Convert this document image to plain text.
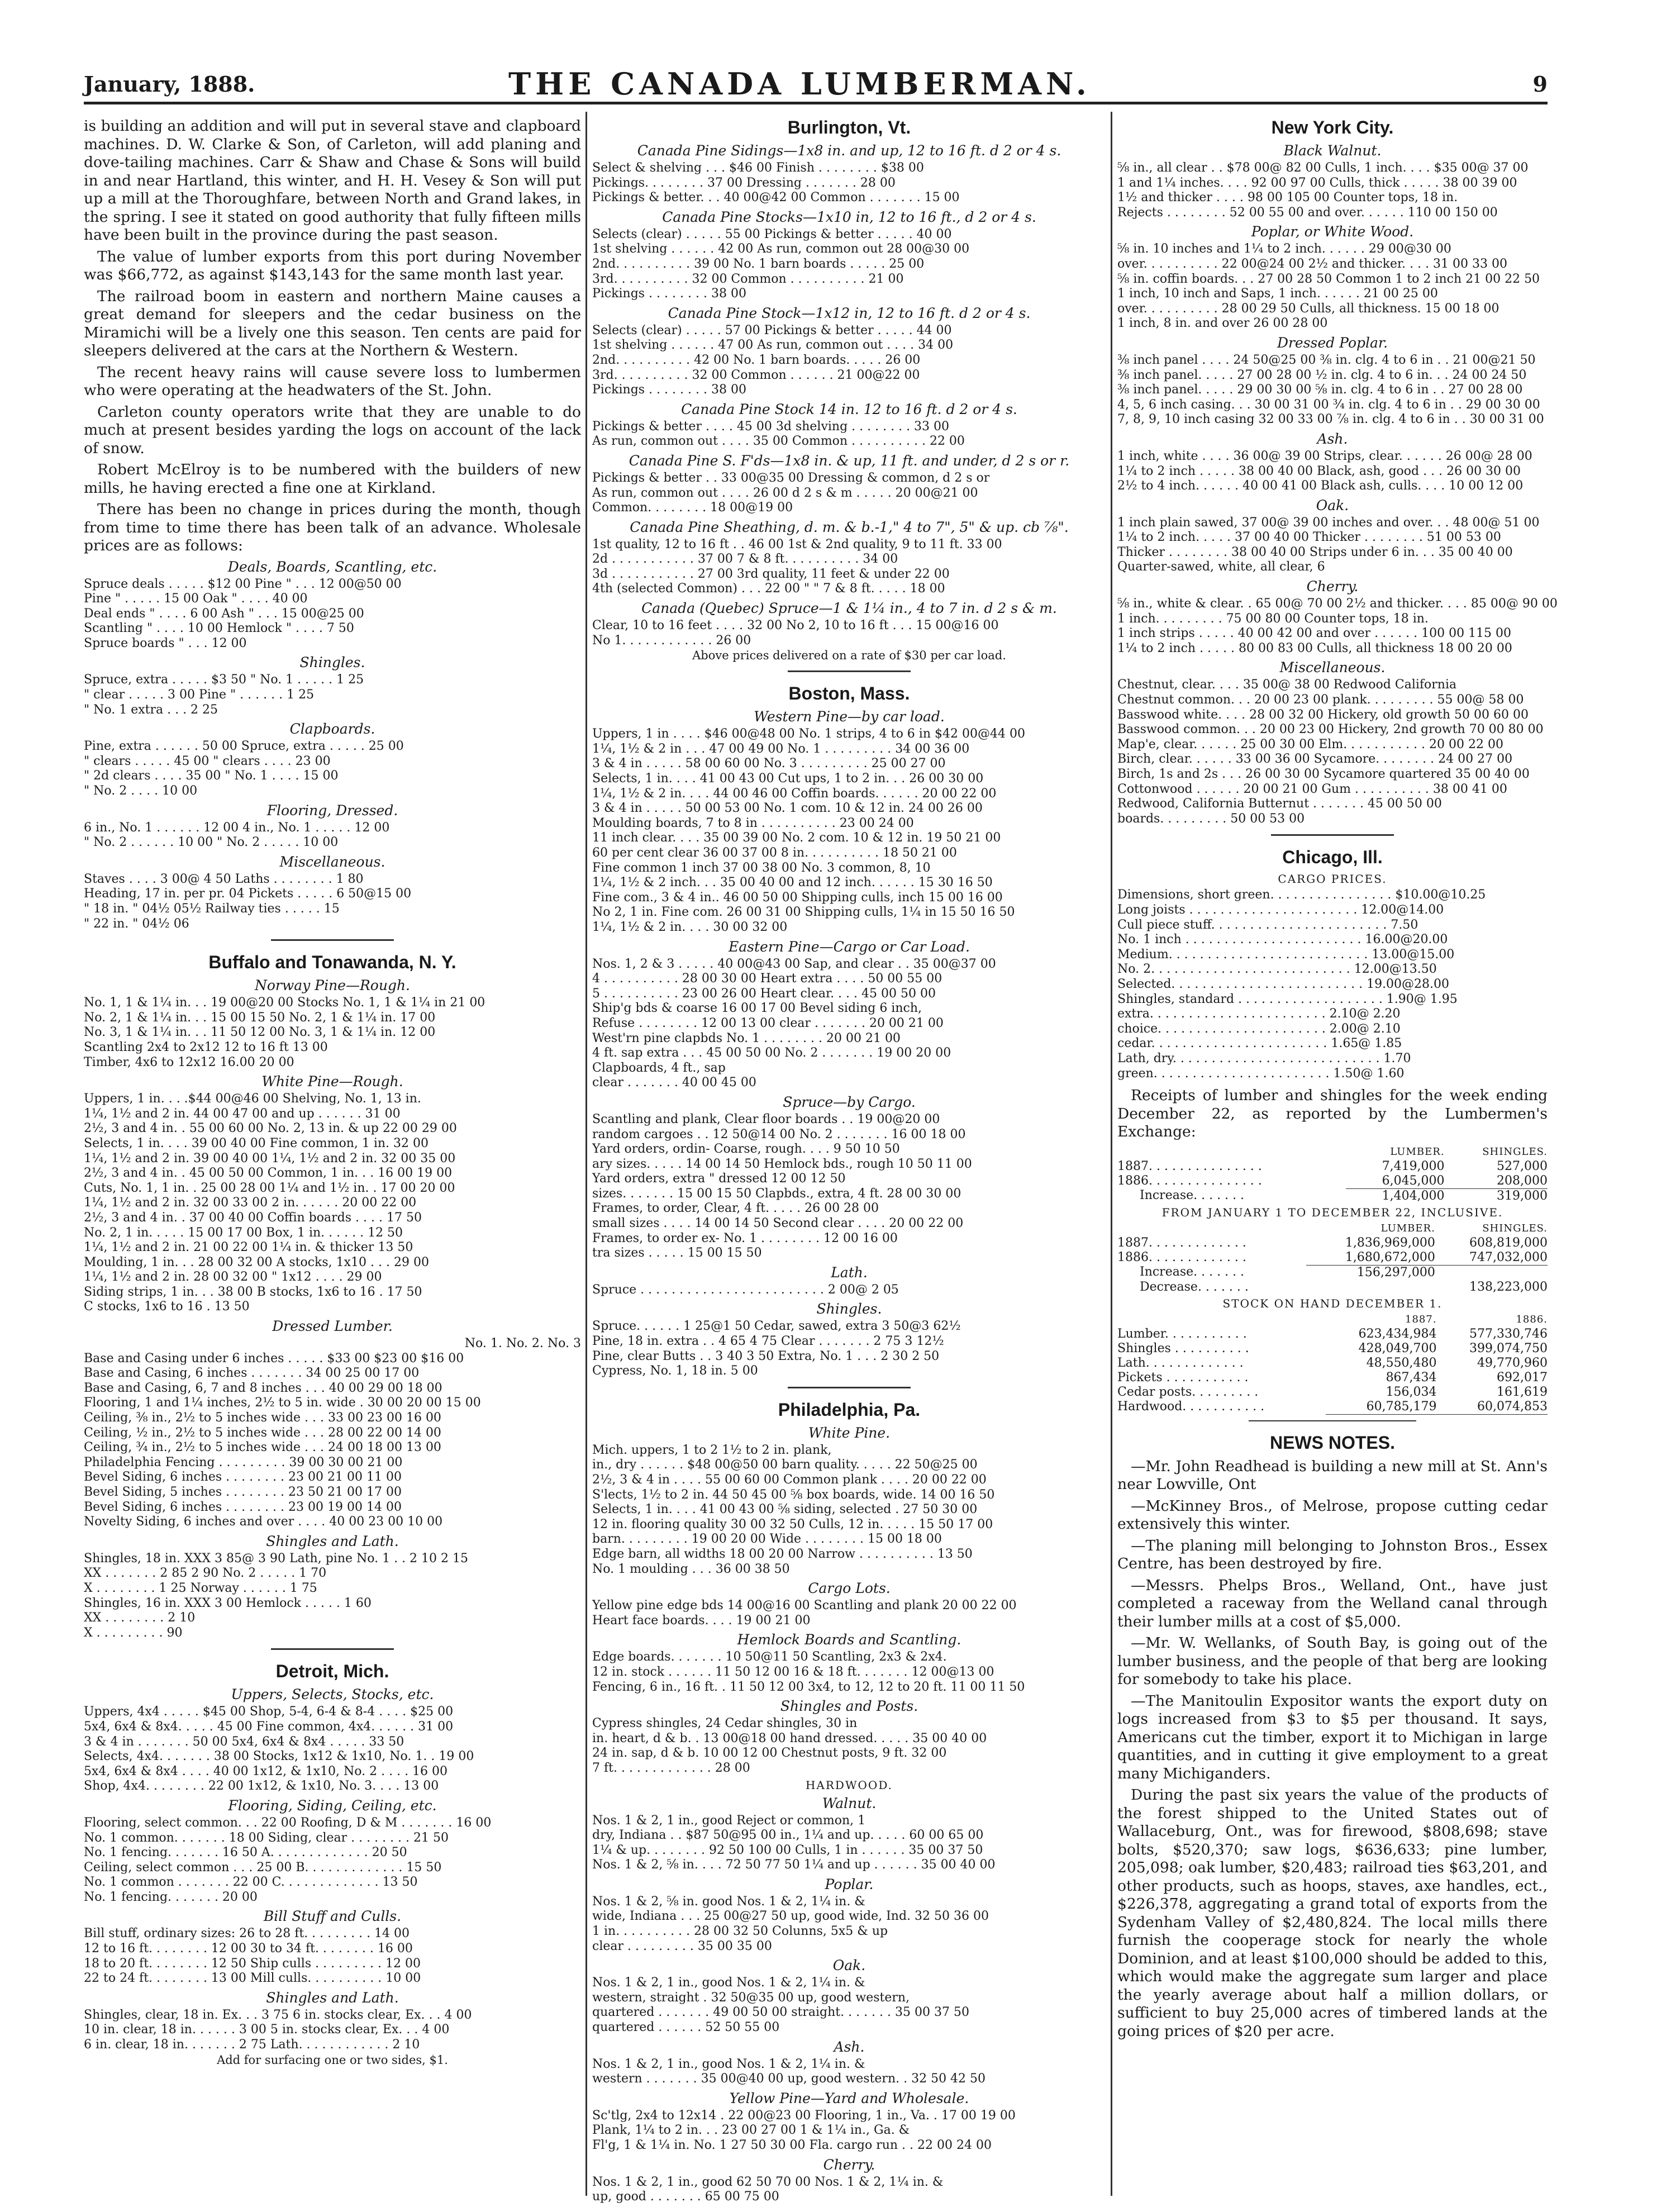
January, 1888.	THE CANADA LUMBERMAN.	9

is building an addition and will put in several stave and clapboard machines. D. W. Clarke & Son, of Carleton, will add planing and dove-tailing machines. Carr & Shaw and Chase & Sons will build in and near Hartland, this winter, and H. H. Vesey & Son will put up a mill at the Thoroughfare, between North and Grand lakes, in the spring. I see it stated on good authority that fully fifteen mills have been built in the province during the past season.

The value of lumber exports from this port during November was $66,772, as against $143,143 for the same month last year.

The railroad boom in eastern and northern Maine causes a great demand for sleepers and the cedar business on the Miramichi will be a lively one this season. Ten cents are paid for sleepers delivered at the cars at the Northern & Western.

The recent heavy rains will cause severe loss to lumbermen who were operating at the headwaters of the St. John.

Carleton county operators write that they are unable to do much at present besides yarding the logs on account of the lack of snow.

Robert McElroy is to be numbered with the builders of new mills, he having erected a fine one at Kirkland.

There has been no change in prices during the month, though from time to time there has been talk of an advance. Wholesale prices are as follows:

Deals, Boards, Scantling, etc.
Spruce deals . . . . . $12 00 Pine " . . . 12 00@50 00
Pine " . . . . . 15 00 Oak " . . . . 40 00
Deal ends " . . . . 6 00 Ash " . . . 15 00@25 00
Scantling " . . . . 10 00 Hemlock " . . . . 7 50
Spruce boards " . . . 12 00
Shingles.
Spruce, extra . . . . . $3 50 " No. 1 . . . . . 1 25
" clear . . . . . 3 00 Pine " . . . . . . 1 25
" No. 1 extra . . . 2 25
Clapboards.
Pine, extra . . . . . . 50 00 Spruce, extra . . . . . 25 00
" clears . . . . . 45 00 " clears . . . . 23 00
" 2d clears . . . . 35 00 " No. 1 . . . . 15 00
" No. 2 . . . . 10 00
Flooring, Dressed.
6 in., No. 1 . . . . . . 12 00 4 in., No. 1 . . . . . 12 00
" No. 2 . . . . . . 10 00 " No. 2 . . . . . 10 00
Miscellaneous.
Staves . . . . 3 00@ 4 50 Laths . . . . . . . . 1 80
Heading, 17 in. per pr. 04 Pickets . . . . . 6 50@15 00
" 18 in. " 04½ 05½ Railway ties . . . . . 15
" 22 in. " 04½ 06
Buffalo and Tonawanda, N. Y.
Norway Pine—Rough.
No. 1, 1 & 1¼ in. . . 19 00@20 00 Stocks No. 1, 1 & 1¼ in 21 00
No. 2, 1 & 1¼ in. . . 15 00 15 50 No. 2, 1 & 1¼ in. 17 00
No. 3, 1 & 1¼ in. . . 11 50 12 00 No. 3, 1 & 1¼ in. 12 00
Scantling 2x4 to 2x12 12 to 16 ft 13 00
Timber, 4x6 to 12x12 16.00 20 00
White Pine—Rough.
Uppers, 1 in. . . .$44 00@46 00 Shelving, No. 1, 13 in.
1¼, 1½ and 2 in. 44 00 47 00 and up . . . . . . 31 00
2½, 3 and 4 in. . 55 00 60 00 No. 2, 13 in. & up 22 00 29 00
Selects, 1 in. . . . 39 00 40 00 Fine common, 1 in. 32 00
1¼, 1½ and 2 in. 39 00 40 00 1¼, 1½ and 2 in. 32 00 35 00
2½, 3 and 4 in. . 45 00 50 00 Common, 1 in. . . 16 00 19 00
Cuts, No. 1, 1 in. . 25 00 28 00 1¼ and 1½ in. . 17 00 20 00
1¼, 1½ and 2 in. 32 00 33 00 2 in. . . . . . 20 00 22 00
2½, 3 and 4 in. . 37 00 40 00 Coffin boards . . . . 17 50
No. 2, 1 in. . . . . 15 00 17 00 Box, 1 in. . . . . . 12 50
1¼, 1½ and 2 in. 21 00 22 00 1¼ in. & thicker 13 50
Moulding, 1 in. . . 28 00 32 00 A stocks, 1x10 . . . 29 00
1¼, 1½ and 2 in. 28 00 32 00 " 1x12 . . . . 29 00
Siding strips, 1 in. . . 38 00 B stocks, 1x6 to 16 . 17 50
C stocks, 1x6 to 16 . 13 50
Dressed Lumber.
No. 1. No. 2. No. 3
Base and Casing under 6 inches . . . . . $33 00 $23 00 $16 00
Base and Casing, 6 inches . . . . . . . 34 00 25 00 17 00
Base and Casing, 6, 7 and 8 inches . . . 40 00 29 00 18 00
Flooring, 1 and 1¼ inches, 2½ to 5 in. wide . 30 00 20 00 15 00
Ceiling, ⅜ in., 2½ to 5 inches wide . . . 33 00 23 00 16 00
Ceiling, ½ in., 2½ to 5 inches wide . . . 28 00 22 00 14 00
Ceiling, ¾ in., 2½ to 5 inches wide . . . 24 00 18 00 13 00
Philadelphia Fencing . . . . . . . . . 39 00 30 00 21 00
Bevel Siding, 6 inches . . . . . . . . 23 00 21 00 11 00
Bevel Siding, 5 inches . . . . . . . . 23 50 21 00 17 00
Bevel Siding, 6 inches . . . . . . . . 23 00 19 00 14 00
Novelty Siding, 6 inches and over . . . . 40 00 23 00 10 00
Shingles and Lath.
Shingles, 18 in. XXX 3 85@ 3 90 Lath, pine No. 1 . . 2 10 2 15
XX . . . . . . . 2 85 2 90 No. 2 . . . . . 1 70
X . . . . . . . . 1 25 Norway . . . . . . 1 75
Shingles, 16 in. XXX 3 00 Hemlock . . . . . 1 60
XX . . . . . . . . 2 10
X . . . . . . . . . 90
Detroit, Mich.
Uppers, Selects, Stocks, etc.
Uppers, 4x4 . . . . . $45 00 Shop, 5-4, 6-4 & 8-4 . . . . $25 00
5x4, 6x4 & 8x4. . . . . 45 00 Fine common, 4x4. . . . . . 31 00
3 & 4 in . . . . . . . 50 00 5x4, 6x4 & 8x4 . . . . . 33 50
Selects, 4x4. . . . . . . 38 00 Stocks, 1x12 & 1x10, No. 1. . 19 00
5x4, 6x4 & 8x4 . . . . 40 00 1x12, & 1x10, No. 2 . . . . 16 00
Shop, 4x4. . . . . . . . 22 00 1x12, & 1x10, No. 3. . . . 13 00
Flooring, Siding, Ceiling, etc.
Flooring, select common. . . 22 00 Roofing, D & M . . . . . . . 16 00
No. 1 common. . . . . . . 18 00 Siding, clear . . . . . . . . 21 50
No. 1 fencing. . . . . . . 16 50 A. . . . . . . . . . . . . 20 50
Ceiling, select common . . . 25 00 B. . . . . . . . . . . . . 15 50
No. 1 common . . . . . . . 22 00 C. . . . . . . . . . . . . 13 50
No. 1 fencing. . . . . . . 20 00
Bill Stuff and Culls.
Bill stuff, ordinary sizes: 26 to 28 ft. . . . . . . . . 14 00
12 to 16 ft. . . . . . . . 12 00 30 to 34 ft. . . . . . . . 16 00
18 to 20 ft. . . . . . . . 12 50 Ship culls . . . . . . . . . 12 00
22 to 24 ft. . . . . . . . 13 00 Mill culls. . . . . . . . . . 10 00
Shingles and Lath.
Shingles, clear, 18 in. Ex. . . 3 75 6 in. stocks clear, Ex. . . 4 00
10 in. clear, 18 in. . . . . . 3 00 5 in. stocks clear, Ex. . . 4 00
6 in. clear, 18 in. . . . . . . 2 75 Lath. . . . . . . . . . . . 2 10
Add for surfacing one or two sides, $1.
Burlington, Vt.
Canada Pine Sidings—1x8 in. and up, 12 to 16 ft. d 2 or 4 s.
Select & shelving . . . $46 00 Finish . . . . . . . . $38 00
Pickings. . . . . . . . 37 00 Dressing . . . . . . . 28 00
Pickings & better. . . 40 00@42 00 Common . . . . . . . 15 00
Canada Pine Stocks—1x10 in, 12 to 16 ft., d 2 or 4 s.
Selects (clear) . . . . . 55 00 Pickings & better . . . . . 40 00
1st shelving . . . . . . 42 00 As run, common out 28 00@30 00
2nd. . . . . . . . . . 39 00 No. 1 barn boards . . . . . 25 00
3rd. . . . . . . . . . 32 00 Common . . . . . . . . . . 21 00
Pickings . . . . . . . . 38 00
Canada Pine Stock—1x12 in, 12 to 16 ft. d 2 or 4 s.
Selects (clear) . . . . . 57 00 Pickings & better . . . . . 44 00
1st shelving . . . . . . 47 00 As run, common out . . . . 34 00
2nd. . . . . . . . . . 42 00 No. 1 barn boards. . . . . 26 00
3rd. . . . . . . . . . 32 00 Common . . . . . . 21 00@22 00
Pickings . . . . . . . . 38 00
Canada Pine Stock 14 in. 12 to 16 ft. d 2 or 4 s.
Pickings & better . . . . 45 00 3d shelving . . . . . . . . 33 00
As run, common out . . . . 35 00 Common . . . . . . . . . . 22 00
Canada Pine S. F'ds—1x8 in. & up, 11 ft. and under, d 2 s or r.
Pickings & better . . 33 00@35 00 Dressing & common, d 2 s or
As run, common out . . . . 26 00 d 2 s & m . . . . . 20 00@21 00
Common. . . . . . . . 18 00@19 00
Canada Pine Sheathing, d. m. & b.-1," 4 to 7", 5" & up. cb ⅞".
1st quality, 12 to 16 ft . . 46 00 1st & 2nd quality, 9 to 11 ft. 33 00
2d . . . . . . . . . . . 37 00 7 & 8 ft. . . . . . . . . . 34 00
3d . . . . . . . . . . . 27 00 3rd quality, 11 feet & under 22 00
4th (selected Common) . . . 22 00 " " 7 & 8 ft. . . . . 18 00
Canada (Quebec) Spruce—1 & 1¼ in., 4 to 7 in. d 2 s & m.
Clear, 10 to 16 feet . . . . 32 00 No 2, 10 to 16 ft . . . 15 00@16 00
No 1. . . . . . . . . . . . 26 00
Above prices delivered on a rate of $30 per car load.
Boston, Mass.
Western Pine—by car load.
Uppers, 1 in . . . . $46 00@48 00 No. 1 strips, 4 to 6 in $42 00@44 00
1¼, 1½ & 2 in . . . 47 00 49 00 No. 1 . . . . . . . . . 34 00 36 00
3 & 4 in . . . . . 58 00 60 00 No. 3 . . . . . . . . . 25 00 27 00
Selects, 1 in. . . . 41 00 43 00 Cut ups, 1 to 2 in. . . 26 00 30 00
1¼, 1½ & 2 in. . . . 44 00 46 00 Coffin boards. . . . . . 20 00 22 00
3 & 4 in . . . . . 50 00 53 00 No. 1 com. 10 & 12 in. 24 00 26 00
Moulding boards, 7 to 8 in . . . . . . . . . . 23 00 24 00
11 inch clear. . . . 35 00 39 00 No. 2 com. 10 & 12 in. 19 50 21 00
60 per cent clear 36 00 37 00 8 in. . . . . . . . . . 18 50 21 00
Fine common 1 inch 37 00 38 00 No. 3 common, 8, 10
1¼, 1½ & 2 inch. . . 35 00 40 00 and 12 inch. . . . . . 15 30 16 50
Fine com., 3 & 4 in.. 46 00 50 00 Shipping culls, inch 15 00 16 00
No 2, 1 in. Fine com. 26 00 31 00 Shipping culls, 1¼ in 15 50 16 50
1¼, 1½ & 2 in. . . . 30 00 32 00
Eastern Pine—Cargo or Car Load.
Nos. 1, 2 & 3 . . . . . 40 00@43 00 Sap, and clear . . 35 00@37 00
4 . . . . . . . . . . 28 00 30 00 Heart extra . . . . 50 00 55 00
5 . . . . . . . . . . 23 00 26 00 Heart clear. . . . 45 00 50 00
Ship'g bds & coarse 16 00 17 00 Bevel siding 6 inch,
Refuse . . . . . . . . 12 00 13 00 clear . . . . . . . 20 00 21 00
West'rn pine clapbds No. 1 . . . . . . . . 20 00 21 00
4 ft. sap extra . . . 45 00 50 00 No. 2 . . . . . . . 19 00 20 00
Clapboards, 4 ft., sap
clear . . . . . . . 40 00 45 00
Spruce—by Cargo.
Scantling and plank, Clear floor boards . . 19 00@20 00
random cargoes . . 12 50@14 00 No. 2 . . . . . . . 16 00 18 00
Yard orders, ordin- Coarse, rough. . . . 9 50 10 50
ary sizes. . . . . 14 00 14 50 Hemlock bds., rough 10 50 11 00
Yard orders, extra " dressed 12 00 12 50
sizes. . . . . . . 15 00 15 50 Clapbds., extra, 4 ft. 28 00 30 00
Frames, to order, Clear, 4 ft. . . . . 26 00 28 00
small sizes . . . . 14 00 14 50 Second clear . . . . 20 00 22 00
Frames, to order ex- No. 1 . . . . . . . . 12 00 16 00
tra sizes . . . . . 15 00 15 50
Lath.
Spruce . . . . . . . . . . . . . . . . . . . . . . . . 2 00@ 2 05
Shingles.
Spruce. . . . . . 1 25@1 50 Cedar, sawed, extra 3 50@3 62½
Pine, 18 in. extra . . 4 65 4 75 Clear . . . . . . . 2 75 3 12½
Pine, clear Butts . . 3 40 3 50 Extra, No. 1 . . . 2 30 2 50
Cypress, No. 1, 18 in. 5 00
Philadelphia, Pa.
White Pine.
Mich. uppers, 1 to 2 1½ to 2 in. plank,
in., dry . . . . . . $48 00@50 00 barn quality. . . . . 22 50@25 00
2½, 3 & 4 in . . . . 55 00 60 00 Common plank . . . . 20 00 22 00
S'lects, 1½ to 2 in. 44 50 45 00 ⅝ box boards, wide. 14 00 16 50
Selects, 1 in. . . . 41 00 43 00 ⅝ siding, selected . 27 50 30 00
12 in. flooring quality 30 00 32 50 Culls, 12 in. . . . . 15 50 17 00
barn. . . . . . . . . 19 00 20 00 Wide . . . . . . . . 15 00 18 00
Edge barn, all widths 18 00 20 00 Narrow . . . . . . . . . . 13 50
No. 1 moulding . . . 36 00 38 50
Cargo Lots.
Yellow pine edge bds 14 00@16 00 Scantling and plank 20 00 22 00
Heart face boards. . . . 19 00 21 00
Hemlock Boards and Scantling.
Edge boards. . . . . . . 10 50@11 50 Scantling, 2x3 & 2x4.
12 in. stock . . . . . . 11 50 12 00 16 & 18 ft. . . . . . . 12 00@13 00
Fencing, 6 in., 16 ft. . 11 50 12 00 3x4, to 12, 12 to 20 ft. 11 00 11 50
Shingles and Posts.
Cypress shingles, 24 Cedar shingles, 30 in
in. heart, d & b. . 13 00@18 00 hand dressed. . . . . 35 00 40 00
24 in. sap, d & b. 10 00 12 00 Chestnut posts, 9 ft. 32 00
7 ft. . . . . . . . . . . . . 28 00
HARDWOOD.
Walnut.
Nos. 1 & 2, 1 in., good Reject or common, 1
dry, Indiana . . $87 50@95 00 in., 1¼ and up. . . . . 60 00 65 00
1¼ & up. . . . . . . . 92 50 100 00 Culls, 1 in . . . . . . 35 00 37 50
Nos. 1 & 2, ⅝ in. . . . 72 50 77 50 1¼ and up . . . . . . 35 00 40 00
Poplar.
Nos. 1 & 2, ⅝ in. good Nos. 1 & 2, 1¼ in. &
wide, Indiana . . . 25 00@27 50 up, good wide, Ind. 32 50 36 00
1 in. . . . . . . . . . 28 00 32 50 Colunns, 5x5 & up
clear . . . . . . . . . 35 00 35 00
Oak.
Nos. 1 & 2, 1 in., good Nos. 1 & 2, 1¼ in. &
western, straight . 32 50@35 00 up, good western,
quartered . . . . . . . 49 00 50 00 straight. . . . . . . 35 00 37 50
quartered . . . . . . 52 50 55 00
Ash.
Nos. 1 & 2, 1 in., good Nos. 1 & 2, 1¼ in. &
western . . . . . . . 35 00@40 00 up, good western. . 32 50 42 50
Yellow Pine—Yard and Wholesale.
Sc'tlg, 2x4 to 12x14 . 22 00@23 00 Flooring, 1 in., Va. . 17 00 19 00
Plank, 1¼ to 2 in. . . 23 00 27 00 1 & 1¼ in., Ga. &
Fl'g, 1 & 1¼ in. No. 1 27 50 30 00 Fla. cargo run . . 22 00 24 00
Cherry.
Nos. 1 & 2, 1 in., good 62 50 70 00 Nos. 1 & 2, 1¼ in. &
up, good . . . . . . . 65 00 75 00
New York City.
Black Walnut.
⅝ in., all clear . . $78 00@ 82 00 Culls, 1 inch. . . . $35 00@ 37 00
1 and 1¼ inches. . . . 92 00 97 00 Culls, thick . . . . . 38 00 39 00
1½ and thicker . . . . 98 00 105 00 Counter tops, 18 in.
Rejects . . . . . . . . 52 00 55 00 and over. . . . . . 110 00 150 00
Poplar, or White Wood.
⅝ in. 10 inches and 1¼ to 2 inch. . . . . . 29 00@30 00
over. . . . . . . . . . 22 00@24 00 2½ and thicker. . . . 31 00 33 00
⅝ in. coffin boards. . . 27 00 28 50 Common 1 to 2 inch 21 00 22 50
1 inch, 10 inch and Saps, 1 inch. . . . . . 21 00 25 00
over. . . . . . . . . . 28 00 29 50 Culls, all thickness. 15 00 18 00
1 inch, 8 in. and over 26 00 28 00
Dressed Poplar.
⅜ inch panel . . . . 24 50@25 00 ⅜ in. clg. 4 to 6 in . . 21 00@21 50
⅜ inch panel. . . . . 27 00 28 00 ½ in. clg. 4 to 6 in. . . 24 00 24 50
⅜ inch panel. . . . . 29 00 30 00 ⅝ in. clg. 4 to 6 in . . 27 00 28 00
4, 5, 6 inch casing. . . 30 00 31 00 ¾ in. clg. 4 to 6 in . . 29 00 30 00
7, 8, 9, 10 inch casing 32 00 33 00 ⅞ in. clg. 4 to 6 in . . 30 00 31 00
Ash.
1 inch, white . . . . 36 00@ 39 00 Strips, clear. . . . . . 26 00@ 28 00
1¼ to 2 inch . . . . . 38 00 40 00 Black, ash, good . . . 26 00 30 00
2½ to 4 inch. . . . . . 40 00 41 00 Black ash, culls. . . . 10 00 12 00
Oak.
1 inch plain sawed, 37 00@ 39 00 inches and over. . . 48 00@ 51 00
1¼ to 2 inch. . . . . 37 00 40 00 Thicker . . . . . . . . 51 00 53 00
Thicker . . . . . . . . 38 00 40 00 Strips under 6 in. . . 35 00 40 00
Quarter-sawed, white, all clear, 6
Cherry.
⅝ in., white & clear. . 65 00@ 70 00 2½ and thicker. . . . 85 00@ 90 00
1 inch. . . . . . . . . 75 00 80 00 Counter tops, 18 in.
1 inch strips . . . . . 40 00 42 00 and over . . . . . . 100 00 115 00
1¼ to 2 inch . . . . . 80 00 83 00 Culls, all thickness 18 00 20 00
Miscellaneous.
Chestnut, clear. . . . 35 00@ 38 00 Redwood California
Chestnut common. . . 20 00 23 00 plank. . . . . . . . . 55 00@ 58 00
Basswood white. . . . 28 00 32 00 Hickery, old growth 50 00 60 00
Basswood common. . . 20 00 23 00 Hickery, 2nd growth 70 00 80 00
Map'e, clear. . . . . . 25 00 30 00 Elm. . . . . . . . . . . 20 00 22 00
Birch, clear. . . . . . 33 00 36 00 Sycamore. . . . . . . . 24 00 27 00
Birch, 1s and 2s . . . 26 00 30 00 Sycamore quartered 35 00 40 00
Cottonwood . . . . . . 20 00 21 00 Gum . . . . . . . . . . 38 00 41 00
Redwood, California Butternut . . . . . . . 45 00 50 00
boards. . . . . . . . . 50 00 53 00
Chicago, Ill.
CARGO PRICES.
Dimensions, short green. . . . . . . . . . . . . . . . $10.00@10.25
Long joists . . . . . . . . . . . . . . . . . . . . . . 12.00@14.00
Cull piece stuff. . . . . . . . . . . . . . . . . . . . . . . 7.50
No. 1 inch . . . . . . . . . . . . . . . . . . . . . . . 16.00@20.00
Medium. . . . . . . . . . . . . . . . . . . . . . . . . . 13.00@15.00
No. 2. . . . . . . . . . . . . . . . . . . . . . . . . . 12.00@13.50
Selected. . . . . . . . . . . . . . . . . . . . . . . . . 19.00@28.00
Shingles, standard . . . . . . . . . . . . . . . . . . . 1.90@ 1.95
extra. . . . . . . . . . . . . . . . . . . . . . . 2.10@ 2.20
choice. . . . . . . . . . . . . . . . . . . . . . 2.00@ 2.10
cedar. . . . . . . . . . . . . . . . . . . . . . . 1.65@ 1.85
Lath, dry. . . . . . . . . . . . . . . . . . . . . . . . . . . 1.70
green. . . . . . . . . . . . . . . . . . . . . . . 1.50@ 1.60

Receipts of lumber and shingles for the week ending December 22, as reported by the Lumbermen's Exchange:

	LUMBER.	SHINGLES.
1887. . . . . . . . . . . . . . .	7,419,000	527,000
1886. . . . . . . . . . . . . . .	6,045,000	208,000
Increase. . . . . . .	1,404,000	319,000
FROM JANUARY 1 TO DECEMBER 22, INCLUSIVE.
	LUMBER.	SHINGLES.
1887. . . . . . . . . . . . .	1,836,969,000	608,819,000
1886. . . . . . . . . . . . .	1,680,672,000	747,032,000
Increase. . . . . . .	156,297,000	
Decrease. . . . . . .		138,223,000
STOCK ON HAND DECEMBER 1.
	1887.	1886.
Lumber. . . . . . . . . . .	623,434,984	577,330,746
Shingles . . . . . . . . . .	428,049,700	399,074,750
Lath. . . . . . . . . . . . .	48,550,480	49,770,960
Pickets . . . . . . . . . . .	867,434	692,017
Cedar posts. . . . . . . . .	156,034	161,619
Hardwood. . . . . . . . . . .	60,785,179	60,074,853
NEWS NOTES.

—Mr. John Readhead is building a new mill at St. Ann's near Lowville, Ont

—McKinney Bros., of Melrose, propose cutting cedar extensively this winter.

—The planing mill belonging to Johnston Bros., Essex Centre, has been destroyed by fire.

—Messrs. Phelps Bros., Welland, Ont., have just completed a raceway from the Welland canal through their lumber mills at a cost of $5,000.

—Mr. W. Wellanks, of South Bay, is going out of the lumber business, and the people of that berg are looking for somebody to take his place.

—The Manitoulin Expositor wants the export duty on logs increased from $3 to $5 per thousand. It says, Americans cut the timber, export it to Michigan in large quantities, and in cutting it give employment to a great many Michiganders.

During the past six years the value of the products of the forest shipped to the United States out of Wallaceburg, Ont., was for firewood, $808,698; stave bolts, $520,370; saw logs, $636,633; pine lumber, 205,098; oak lumber, $20,483; railroad ties $63,201, and other products, such as hoops, staves, axe handles, ect., $226,378, aggregating a grand total of exports from the Sydenham Valley of $2,480,824. The local mills there furnish the cooperage stock for nearly the whole Dominion, and at least $100,000 should be added to this, which would make the aggregate sum larger and place the yearly average about half a million dollars, or sufficient to buy 25,000 acres of timbered lands at the going prices of $20 per acre.
